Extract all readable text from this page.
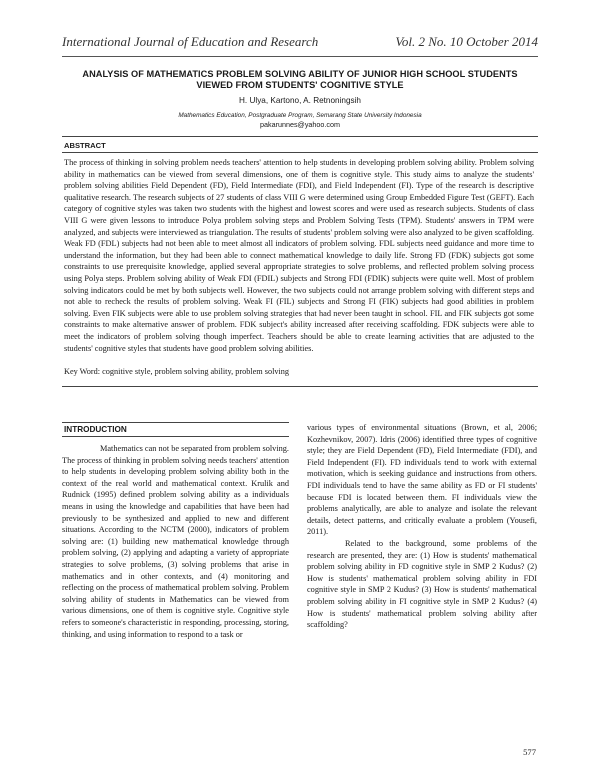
International Journal of Education and Research	Vol. 2 No. 10 October 2014
ANALYSIS OF MATHEMATICS PROBLEM SOLVING ABILITY OF JUNIOR HIGH SCHOOL STUDENTS
VIEWED FROM STUDENTS' COGNITIVE STYLE
H. Ulya, Kartono, A. Retnoningsih
Mathematics Education, Postgraduate Program, Semarang State University Indonesia
pakarunnes@yahoo.com
ABSTRACT

The process of thinking in solving problem needs teachers' attention to help students in developing problem solving ability. Problem solving ability in mathematics can be viewed from several dimensions, one of them is cognitive style. This study aims to analyze the students' problem solving abilities Field Dependent (FD), Field Intermediate (FDI), and Field Independent (FI). Type of the research is descriptive qualitative research. The research subjects of 27 students of class VIII G were determined using Group Embedded Figure Test (GEFT). Each category of cognitive styles was taken two students with the highest and lowest scores and were used as research subjects. Students of class VIII G were given lessons to introduce Polya problem solving steps and Problem Solving Tests (TPM). Students' answers in TPM were analyzed, and subjects were interviewed as triangulation. The results of students' problem solving were also analyzed to be given scaffolding. Weak FD (FDL) subjects had not been able to meet almost all indicators of problem solving. FDL subjects need guidance and more time to understand the information, but they had been able to connect mathematical knowledge to daily life. Strong FD (FDK) subjects got some constraints to use prerequisite knowledge, applied several appropriate strategies to solve problems, and reflected problem solving process using Polya steps. Problem solving ability of Weak FDI (FDIL) subjects and Strong FDI (FDIK) subjects were quite well. Most of problem solving indicators could be met by both subjects well. However, the two subjects could not arrange problem solving with different steps and not able to recheck the results of problem solving. Weak FI (FIL) subjects and Strong FI (FIK) subjects had good abilities in problem solving. Even FIK subjects were able to use problem solving strategies that had never been taught in school. FIL and FIK subjects got some constraints to make alternative answer of problem. FDK subject's ability increased after receiving scaffolding. FDK subjects were able to meet the indicators of problem solving though imperfect. Teachers should be able to create learning activities that are adjusted to the students' cognitive styles that students have good problem solving abilities.

Key Word: cognitive style, problem solving ability, problem solving
INTRODUCTION

Mathematics can not be separated from problem solving. The process of thinking in problem solving needs teachers' attention to help students in developing problem solving ability both in the context of the real world and mathematical context. Krulik and Rudnick (1995) defined problem solving ability as a individuals means in using the knowledge and capabilities that have been had previously to be synthesized and applied to new and different situations. According to the NCTM (2000), indicators of problem solving are: (1) building new mathematical knowledge through problem solving, (2) applying and adapting a variety of appropriate strategies to solve problems, (3) solving problems that arise in mathematics and in other contexts, and (4) monitoring and reflecting on the process of mathematical problem solving. Problem solving ability of students in Mathematics can be viewed from various dimensions, one of them is cognitive style. Cognitive style refers to someone's characteristic in responding, processing, storing, thinking, and using information to respond to a task or

various types of environmental situations (Brown, et al, 2006; Kozhevnikov, 2007). Idris (2006) identified three types of cognitive style; they are Field Dependent (FD), Field Intermediate (FDI), and Field Independent (FI). FD individuals tend to work with external motivation, which is seeking guidance and instructions from others. FDI individuals tend to have the same ability as FD or FI students' because FDI is located between them. FI individuals view the problems analytically, are able to analyze and isolate the relevant details, detect patterns, and critically evaluate a problem (Yousefi, 2011).

Related to the background, some problems of the research are presented, they are: (1) How is students' mathematical problem solving ability in FD cognitive style in SMP 2 Kudus? (2) How is students' mathematical problem solving ability in FDI cognitive style in SMP 2 Kudus? (3) How is students' mathematical problem solving ability in FI cognitive style in SMP 2 Kudus? (4) How is students' mathematical problem solving ability after scaffolding?

577
